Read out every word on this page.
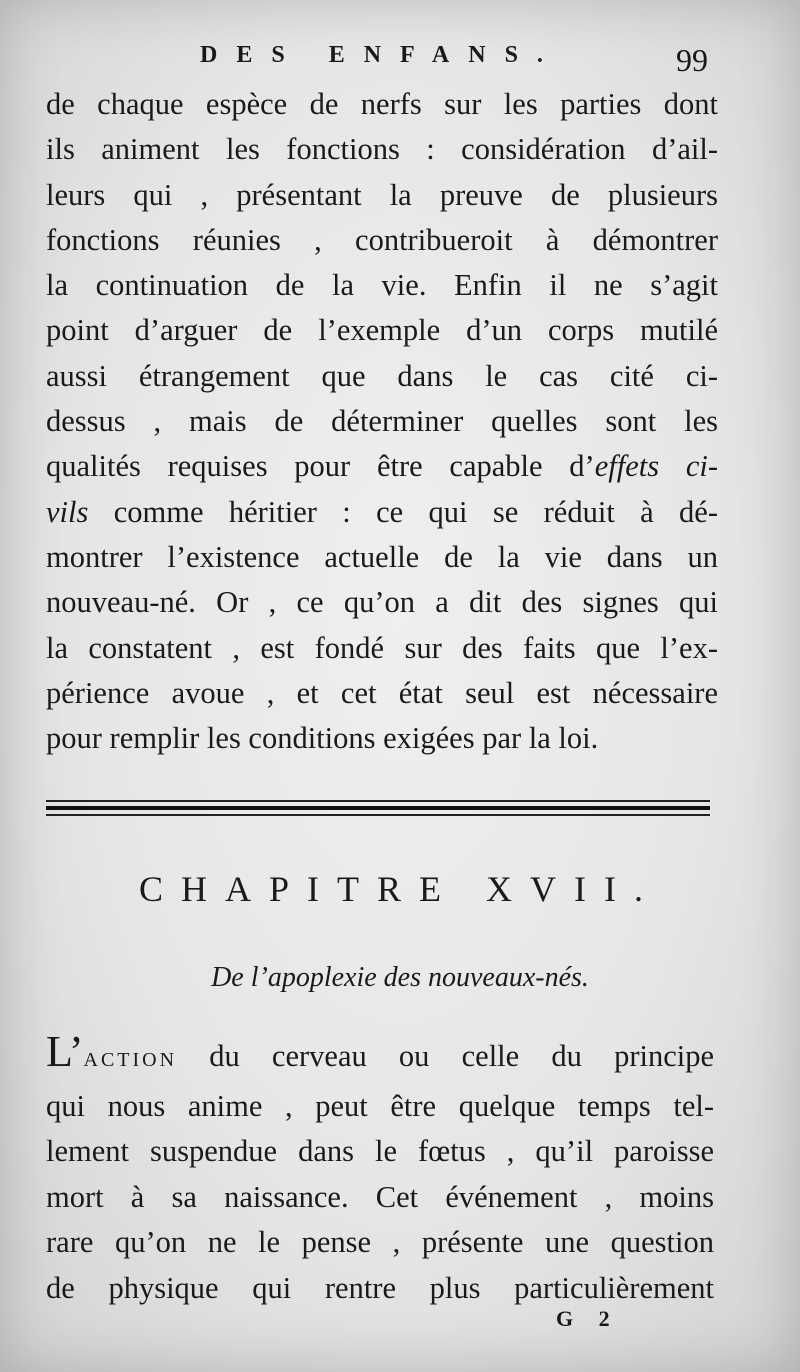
DES ENFANS.	99
de chaque espèce de nerfs sur les parties dont
ils animent les fonctions : considération d’ail-
leurs qui , présentant la preuve de plusieurs
fonctions réunies , contribueroit à démontrer
la continuation de la vie. Enfin il ne s’agit
point d’arguer de l’exemple d’un corps mutilé
aussi étrangement que dans le cas cité ci-
dessus , mais de déterminer quelles sont les
qualités requises pour être capable d’effets ci-
vils comme héritier : ce qui se réduit à dé-
montrer l’existence actuelle de la vie dans un
nouveau-né. Or , ce qu’on a dit des signes qui
la constatent , est fondé sur des faits que l’ex-
périence avoue , et cet état seul est nécessaire
pour remplir les conditions exigées par la loi.
CHAPITRE XVII.
De l’apoplexie des nouveaux-nés.
L’ACTION du cerveau ou celle du principe
qui nous anime , peut être quelque temps tel-
lement suspendue dans le fœtus , qu’il paroisse
mort à sa naissance. Cet événement , moins
rare qu’on ne le pense , présente une question
de physique qui rentre plus particulièrement
G 2
